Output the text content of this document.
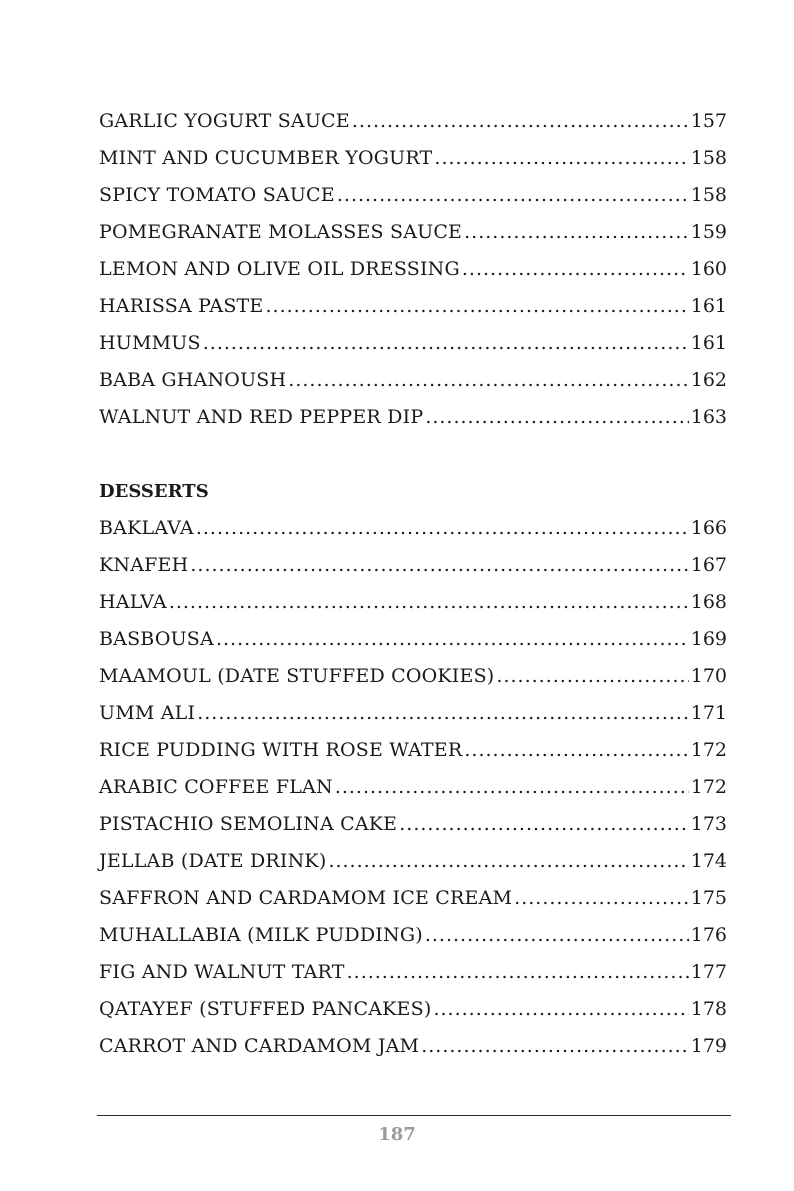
GARLIC YOGURT SAUCE .....	157
MINT AND CUCUMBER YOGURT .....	158
SPICY TOMATO SAUCE .....	158
POMEGRANATE MOLASSES SAUCE .....	159
LEMON AND OLIVE OIL DRESSING .....	160
HARISSA PASTE .....	161
HUMMUS .....	161
BABA GHANOUSH .....	162
WALNUT AND RED PEPPER DIP .....	163
DESSERTS
BAKLAVA .....	166
KNAFEH .....	167
HALVA .....	168
BASBOUSA .....	169
MAAMOUL (DATE STUFFED COOKIES) .....	170
UMM ALI .....	171
RICE PUDDING WITH ROSE WATER .....	172
ARABIC COFFEE FLAN .....	172
PISTACHIO SEMOLINA CAKE .....	173
JELLAB (DATE DRINK) .....	174
SAFFRON AND CARDAMOM ICE CREAM .....	175
MUHALLABIA (MILK PUDDING) .....	176
FIG AND WALNUT TART .....	177
QATAYEF (STUFFED PANCAKES) .....	178
CARROT AND CARDAMOM JAM .....	179
187
